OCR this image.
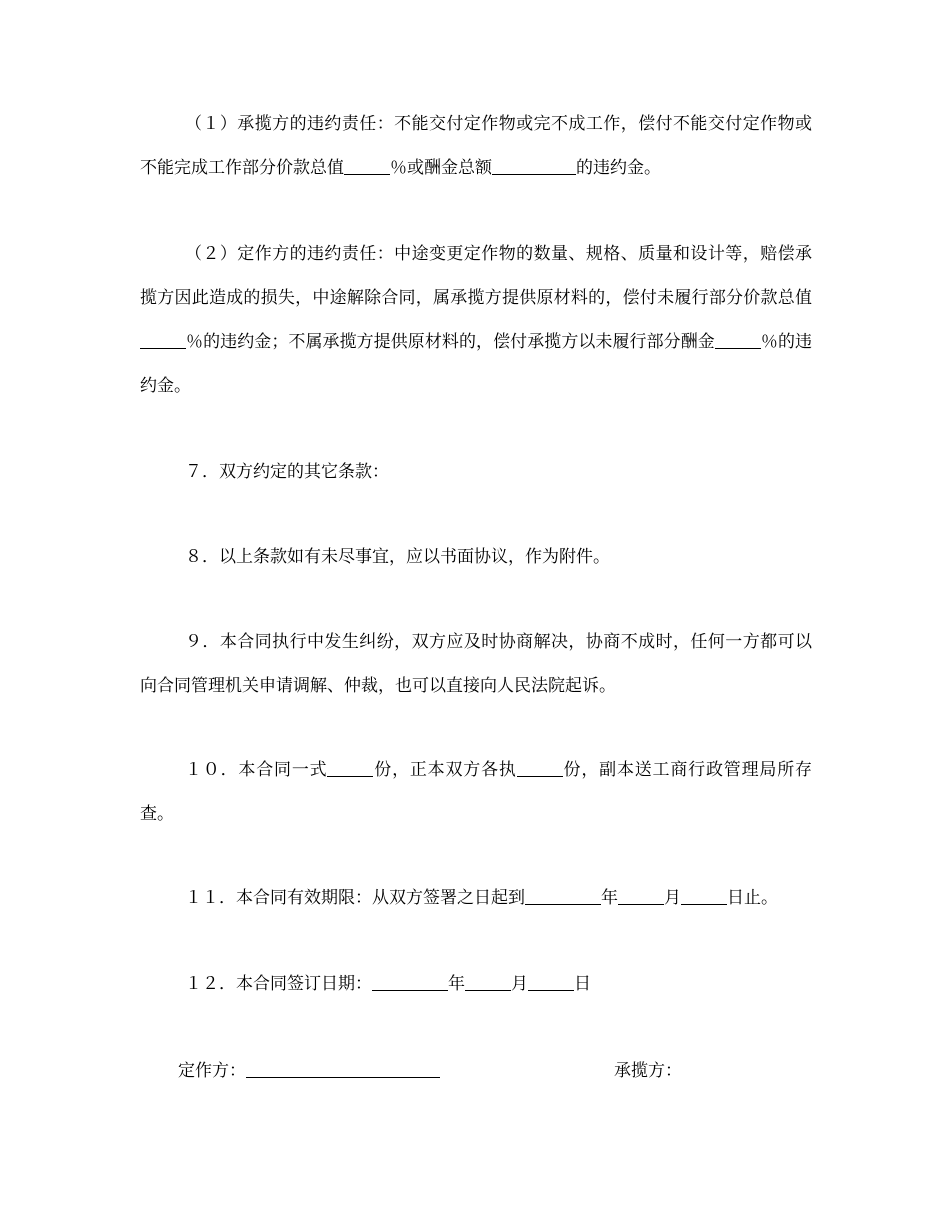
（１）承揽方的违约责任：不能交付定作物或完不成工作，偿付不能交付定作物或不能完成工作部分价款总值	％或酬金总额	的违约金。

（２）定作方的违约责任：中途变更定作物的数量、规格、质量和设计等，赔偿承揽方因此造成的损失，中途解除合同，属承揽方提供原材料的，偿付未履行部分价款总值％的违约金；不属承揽方提供原材料的，偿付承揽方以未履行部分酬金	％的违约金。

７．双方约定的其它条款：

８．以上条款如有未尽事宜，应以书面协议，作为附件。

９．本合同执行中发生纠纷，双方应及时协商解决，协商不成时，任何一方都可以向合同管理机关申请调解、仲裁，也可以直接向人民法院起诉。

１０．本合同一式	份，正本双方各执	份，副本送工商行政管理局所存查。

１１．本合同有效期限：从双方签署之日起到	年	月	日止。

１２．本合同签订日期：	年	月	日

定作方：	承揽方：
